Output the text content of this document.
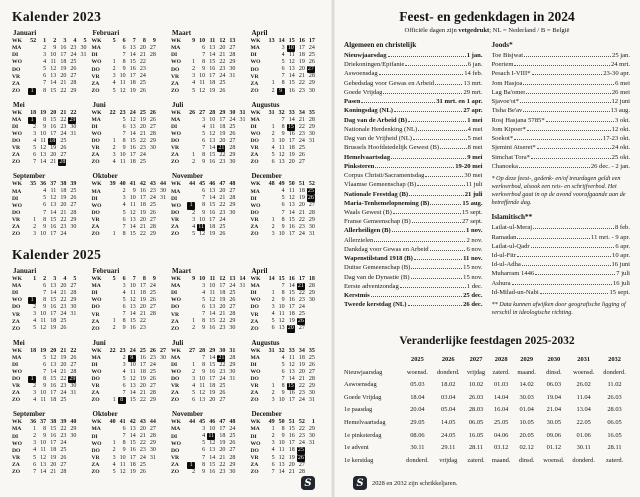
Kalender 2023
Januari
WK	52	1	2	3	4	5
MA		2	9	16	23	30
DI		3	10	17	24	31
WO		4	11	18	25	
DO		5	12	19	26	
VR		6	13	20	27	
ZA		7	14	21	28	
ZO	1	8	15	22	29	
Februari
WK	5	6	7	8	9	
MA		6	13	20	27	
DI		7	14	21	28	
WO	1	8	15	22		
DO	2	9	16	23		
VR	3	10	17	24		
ZA	4	11	18	25		
ZO	5	12	19	26		
Maart
WK	9	10	11	12	13	
MA		6	13	20	27	
DI		7	14	21	28	
WO	1	8	15	22	29	
DO	2	9	16	23	30	
VR	3	10	17	24	31	
ZA	4	11	18	25		
ZO	5	12	19	26		
April
WK	13	14	15	16	17	
MA		3	10	17	24	
DI		4	11	18	25	
WO		5	12	19	26	
DO		6	13	20	27	
VR		7	14	21	28	
ZA	1	8	15	22	29	
ZO	2	9	16	23	30	
Mei
WK	18	19	20	21	22	
MA	1	8	15	22	29	
DI	2	9	16	23	30	
WO	3	10	17	24	31	
DO	4	11	18	25		
VR	5	12	19	26		
ZA	6	13	20	27		
ZO	7	14	21	28		
Juni
WK	22	23	24	25	26	
MA		5	12	19	26	
DI		6	13	20	27	
WO		7	14	21	28	
DO	1	8	15	22	29	
VR	2	9	16	23	30	
ZA	3	10	17	24		
ZO	4	11	18	25		
Juli
WK	26	27	28	29	30	31
MA		3	10	17	24	31
DI		4	11	18	25	
WO		5	12	19	26	
DO		6	13	20	27	
VR		7	14	21	28	
ZA	1	8	15	22	29	
ZO	2	9	16	23	30	
Augustus
WK	31	32	33	34	35	
MA		7	14	21	28	
DI	1	8	15	22	29	
WO	2	9	16	23	30	
DO	3	10	17	24	31	
VR	4	11	18	25		
ZA	5	12	19	26		
ZO	6	13	20	27		
September
WK	35	36	37	38	39	
MA		4	11	18	25	
DI		5	12	19	26	
WO		6	13	20	27	
DO		7	14	21	28	
VR	1	8	15	22	29	
ZA	2	9	16	23	30	
ZO	3	10	17	24		
Oktober
WK	39	40	41	42	43	44
MA		2	9	16	23	30
DI		3	10	17	24	31
WO		4	11	18	25	
DO		5	12	19	26	
VR		6	13	20	27	
ZA		7	14	21	28	
ZO	1	8	15	22	29	
November
WK	44	45	46	47	48	
MA		6	13	20	27	
DI		7	14	21	28	
WO	1	8	15	22	29	
DO	2	9	16	23	30	
VR	3	10	17	24		
ZA	4	11	18	25		
ZO	5	12	19	26		
December
WK	48	49	50	51	52	
MA		4	11	18	25	
DI		5	12	19	26	
WO		6	13	20	27	
DO		7	14	21	28	
VR	1	8	15	22	29	
ZA	2	9	16	23	30	
ZO	3	10	17	24	31	
Kalender 2025
Januari
WK	1	2	3	4	5	
MA		6	13	20	27	
DI		7	14	21	28	
WO	1	8	15	22	29	
DO	2	9	16	23	30	
VR	3	10	17	24	31	
ZA	4	11	18	25		
ZO	5	12	19	26		
Februari
WK	5	6	7	8	9	
MA		3	10	17	24	
DI		4	11	18	25	
WO		5	12	19	26	
DO		6	13	20	27	
VR		7	14	21	28	
ZA	1	8	15	22		
ZO	2	9	16	23		
Maart
WK	9	10	11	12	13	14
MA		3	10	17	24	31
DI		4	11	18	25	
WO		5	12	19	26	
DO		6	13	20	27	
VR		7	14	21	28	
ZA	1	8	15	22	29	
ZO	2	9	16	23	30	
April
WK	14	15	16	17	18	
MA		7	14	21	28	
DI	1	8	15	22	29	
WO	2	9	16	23	30	
DO	3	10	17	24		
VR	4	11	18	25		
ZA	5	12	19	26		
ZO	6	13	20	27		
Mei
WK	18	19	20	21	22	
MA		5	12	19	26	
DI		6	13	20	27	
WO		7	14	21	28	
DO	1	8	15	22	29	
VR	2	9	16	23	30	
ZA	3	10	17	24	31	
ZO	4	11	18	25		
Juni
WK	22	23	24	25	26	27
MA		2	9	16	23	30
DI		3	10	17	24	
WO		4	11	18	25	
DO		5	12	19	26	
VR		6	13	20	27	
ZA		7	14	21	28	
ZO	1	8	15	22	29	
Juli
WK	27	28	29	30	31	
MA		7	14	21	28	
DI	1	8	15	22	29	
WO	2	9	16	23	30	
DO	3	10	17	24	31	
VR	4	11	18	25		
ZA	5	12	19	26		
ZO	6	13	20	27		
Augustus
WK	31	32	33	34	35	
MA		4	11	18	25	
DI		5	12	19	26	
WO		6	13	20	27	
DO		7	14	21	28	
VR	1	8	15	22	29	
ZA	2	9	16	23	30	
ZO	3	10	17	24	31	
September
WK	36	37	38	39	40	
MA	1	8	15	22	29	
DI	2	9	16	23	30	
WO	3	10	17	24		
DO	4	11	18	25		
VR	5	12	19	26		
ZA	6	13	20	27		
ZO	7	14	21	28		
Oktober
WK	40	41	42	43	44	
MA		6	13	20	27	
DI		7	14	21	28	
WO	1	8	15	22	29	
DO	2	9	16	23	30	
VR	3	10	17	24	31	
ZA	4	11	18	25		
ZO	5	12	19	26		
November
WK	44	45	46	47	48	
MA		3	10	17	24	
DI		4	11	18	25	
WO		5	12	19	26	
DO		6	13	20	27	
VR		7	14	21	28	
ZA	1	8	15	22	29	
ZO	2	9	16	23	30	
December
WK	49	50	51	52	1	
MA	1	8	15	22	29	
DI	2	9	16	23	30	
WO	3	10	17	24	31	
DO	4	11	18	25		
VR	5	12	19	26		
ZA	6	13	20	27		
ZO	7	14	21	28		
S
Feest- en gedenkdagen in 2024

Officiële dagen zijn vetgedrukt; NL = Nederland / B = België

Algemeen en christelijk
Nieuwjaarsdag	1 jan.
Driekoningen/Epifanie	6 jan.
Aswoensdag	14 feb.
Gebedsdag voor Gewas en Arbeid	13 mrt.
Goede Vrijdag	29 mrt.
Pasen	31 mrt. en 1 apr.
Koningsdag (NL)	27 apr.
Dag van de Arbeid (B)	1 mei
Nationale Herdenking (NL)	4 mei
Dag van de Vrijheid (NL)	5 mei
Brussels Hoofdstedelijk Gewest (B)	8 mei
Hemelvaartsdag	9 mei
Pinksteren	19-20 mei
Corpus Christi/Sacramentsdag	30 mei
Vlaamse Gemeenschap (B)	11 juli
Nationale Feestdag (B)	21 juli
Maria-Tenhemelopneming (B)	15 aug.
Waals Gewest (B)	15 sept.
Franse Gemeenschap (B)	27 sept.
Allerheiligen (B)	1 nov.
Allerzielen	2 nov.
Dankdag voor Gewas en Arbeid	6 nov.
Wapenstilstand 1918 (B)	11 nov.
Duitse Gemeenschap (B)	15 nov.
Dag van de Dynastie (B)	15 nov.
Eerste adventzondag	1 dec.
Kerstmis	25 dec.
Tweede kerstdag (NL)	26 dec.
Joods*
Toe Bisjwat	25 jan.
Poeriem	24 mrt.
Pesach I-VIII*	23-30 apr.
Jom Hasjoa	6 mei
Lag Ba'omer	26 mei
Sjavoe'ot*	12 juni
Tisha Be'av	13 aug.
Rosj Hasjana 5785*	3 okt.
Jom Kipoer*	12 okt.
Soekot*	17-23 okt.
Sjemini Atseret*	24 okt.
Simchat Tora*	25 okt.
Chanoeka	26 dec. - 2 jan.

* Op deze feest-, gedenk- en/of treurdagen geldt een werkverbod, alsook een reis- en schrijfverbod. Het werkverbod gaat in op de avond voorafgaande aan de betreffende dag.

Islamitisch**
Lailat-ul-Meraj	8 feb.
Ramadan	11 mrt. - 9 apr.
Lailat-ul-Qadr	6 apr.
Id-ul-Fitr	10 apr.
Id-ul-Adha	16 juni
Muharram 1446	7 juli
Ashura	16 juli
Id-Milad-un-Nabi	15 sept.

** Data kunnen afwijken door geografische ligging of verschil in ideologische richting.

Veranderlijke feestdagen 2025-2032
	2025	2026	2027	2028	2029	2030	2031	2032
Nieuwjaarsdag	woensd.	donderd.	vrijdag	zaterd.	maand.	dinsd.	woensd.	donderd.
Aswoensdag	05.03	18.02	10.02	01.03	14.02	06.03	26.02	11.02
Goede Vrijdag	18.04	03.04	26.03	14.04	30.03	19.04	11.04	26.03
1e paasdag	20.04	05.04	28.03	16.04	01.04	21.04	13.04	28.03
Hemelvaartsdag	29.05	14.05	06.05	25.05	10.05	30.05	22.05	06.05
1e pinksterdag	08.06	24.05	16.05	04.06	20.05	09.06	01.06	16.05
1e advent	30.11	29.11	28.11	03.12	02.12	01.12	30.11	28.11
1e kerstdag	donderd.	vrijdag	zaterd.	maand.	dinsd.	woensd.	donderd.	zaterd.
S	2028 en 2032 zijn schrikkeljaren.
